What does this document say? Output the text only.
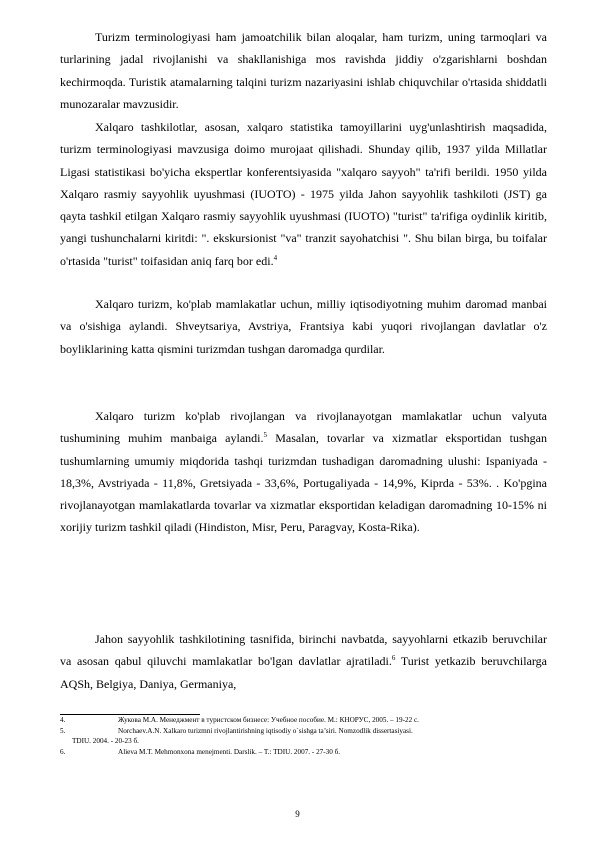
Turizm terminologiyasi ham jamoatchilik bilan aloqalar, ham turizm, uning tarmoqlari va turlarining jadal rivojlanishi va shakllanishiga mos ravishda jiddiy o'zgarishlarni boshdan kechirmoqda. Turistik atamalarning talqini turizm nazariyasini ishlab chiquvchilar o'rtasida shiddatli munozaralar mavzusidir.

Xalqaro tashkilotlar, asosan, xalqaro statistika tamoyillarini uyg'unlashtirish maqsadida, turizm terminologiyasi mavzusiga doimo murojaat qilishadi. Shunday qilib, 1937 yilda Millatlar Ligasi statistikasi bo'yicha ekspertlar konferentsiyasida "xalqaro sayyoh" ta'rifi berildi. 1950 yilda Xalqaro rasmiy sayyohlik uyushmasi (IUOTO) - 1975 yilda Jahon sayyohlik tashkiloti (JST) ga qayta tashkil etilgan Xalqaro rasmiy sayyohlik uyushmasi (IUOTO) "turist" ta'rifiga oydinlik kiritib, yangi tushunchalarni kiritdi: ". ekskursionist "va" tranzit sayohatchisi ". Shu bilan birga, bu toifalar o'rtasida "turist" toifasidan aniq farq bor edi.$^4$

Xalqaro turizm, ko'plab mamlakatlar uchun, milliy iqtisodiyotning muhim daromad manbai va o'sishiga aylandi. Shveytsariya, Avstriya, Frantsiya kabi yuqori rivojlangan davlatlar o'z boyliklarining katta qismini turizmdan tushgan daromadga qurdilar.

Xalqaro turizm ko'plab rivojlangan va rivojlanayotgan mamlakatlar uchun valyuta tushumining muhim manbaiga aylandi.$^5$ Masalan, tovarlar va xizmatlar eksportidan tushgan tushumlarning umumiy miqdorida tashqi turizmdan tushadigan daromadning ulushi: Ispaniyada - 18,3%, Avstriyada - 11,8%, Gretsiyada - 33,6%, Portugaliyada - 14,9%, Kiprda - 53%. . Ko'pgina rivojlanayotgan mamlakatlarda tovarlar va xizmatlar eksportidan keladigan daromadning 10-15% ni xorijiy turizm tashkil qiladi (Hindiston, Misr, Peru, Paragvay, Kosta-Rika).

Jahon sayyohlik tashkilotining tasnifida, birinchi navbatda, sayyohlarni etkazib beruvchilar va asosan qabul qiluvchi mamlakatlar bo'lgan davlatlar ajratiladi.$^6$ Turist yetkazib beruvchilarga AQSh, Belgiya, Daniya, Germaniya,

4.	Жукова М.А. Менеджмент в туристском бизнесе: Учебное пособие. М.: КНОРУС, 2005. – 19-22 с.

5.	Norchaev.A.N. Xalkaro turizmni rivojlantirishning iqtisodiy o`sishga ta’siri. Nomzodlik dissertasiyasi.
TDIU. 2004. - 20-23 б.

6.	Alieva M.T. Mehmonxona menejmenti. Darslik. – T.: TDIU. 2007. - 27-30 б.

9
